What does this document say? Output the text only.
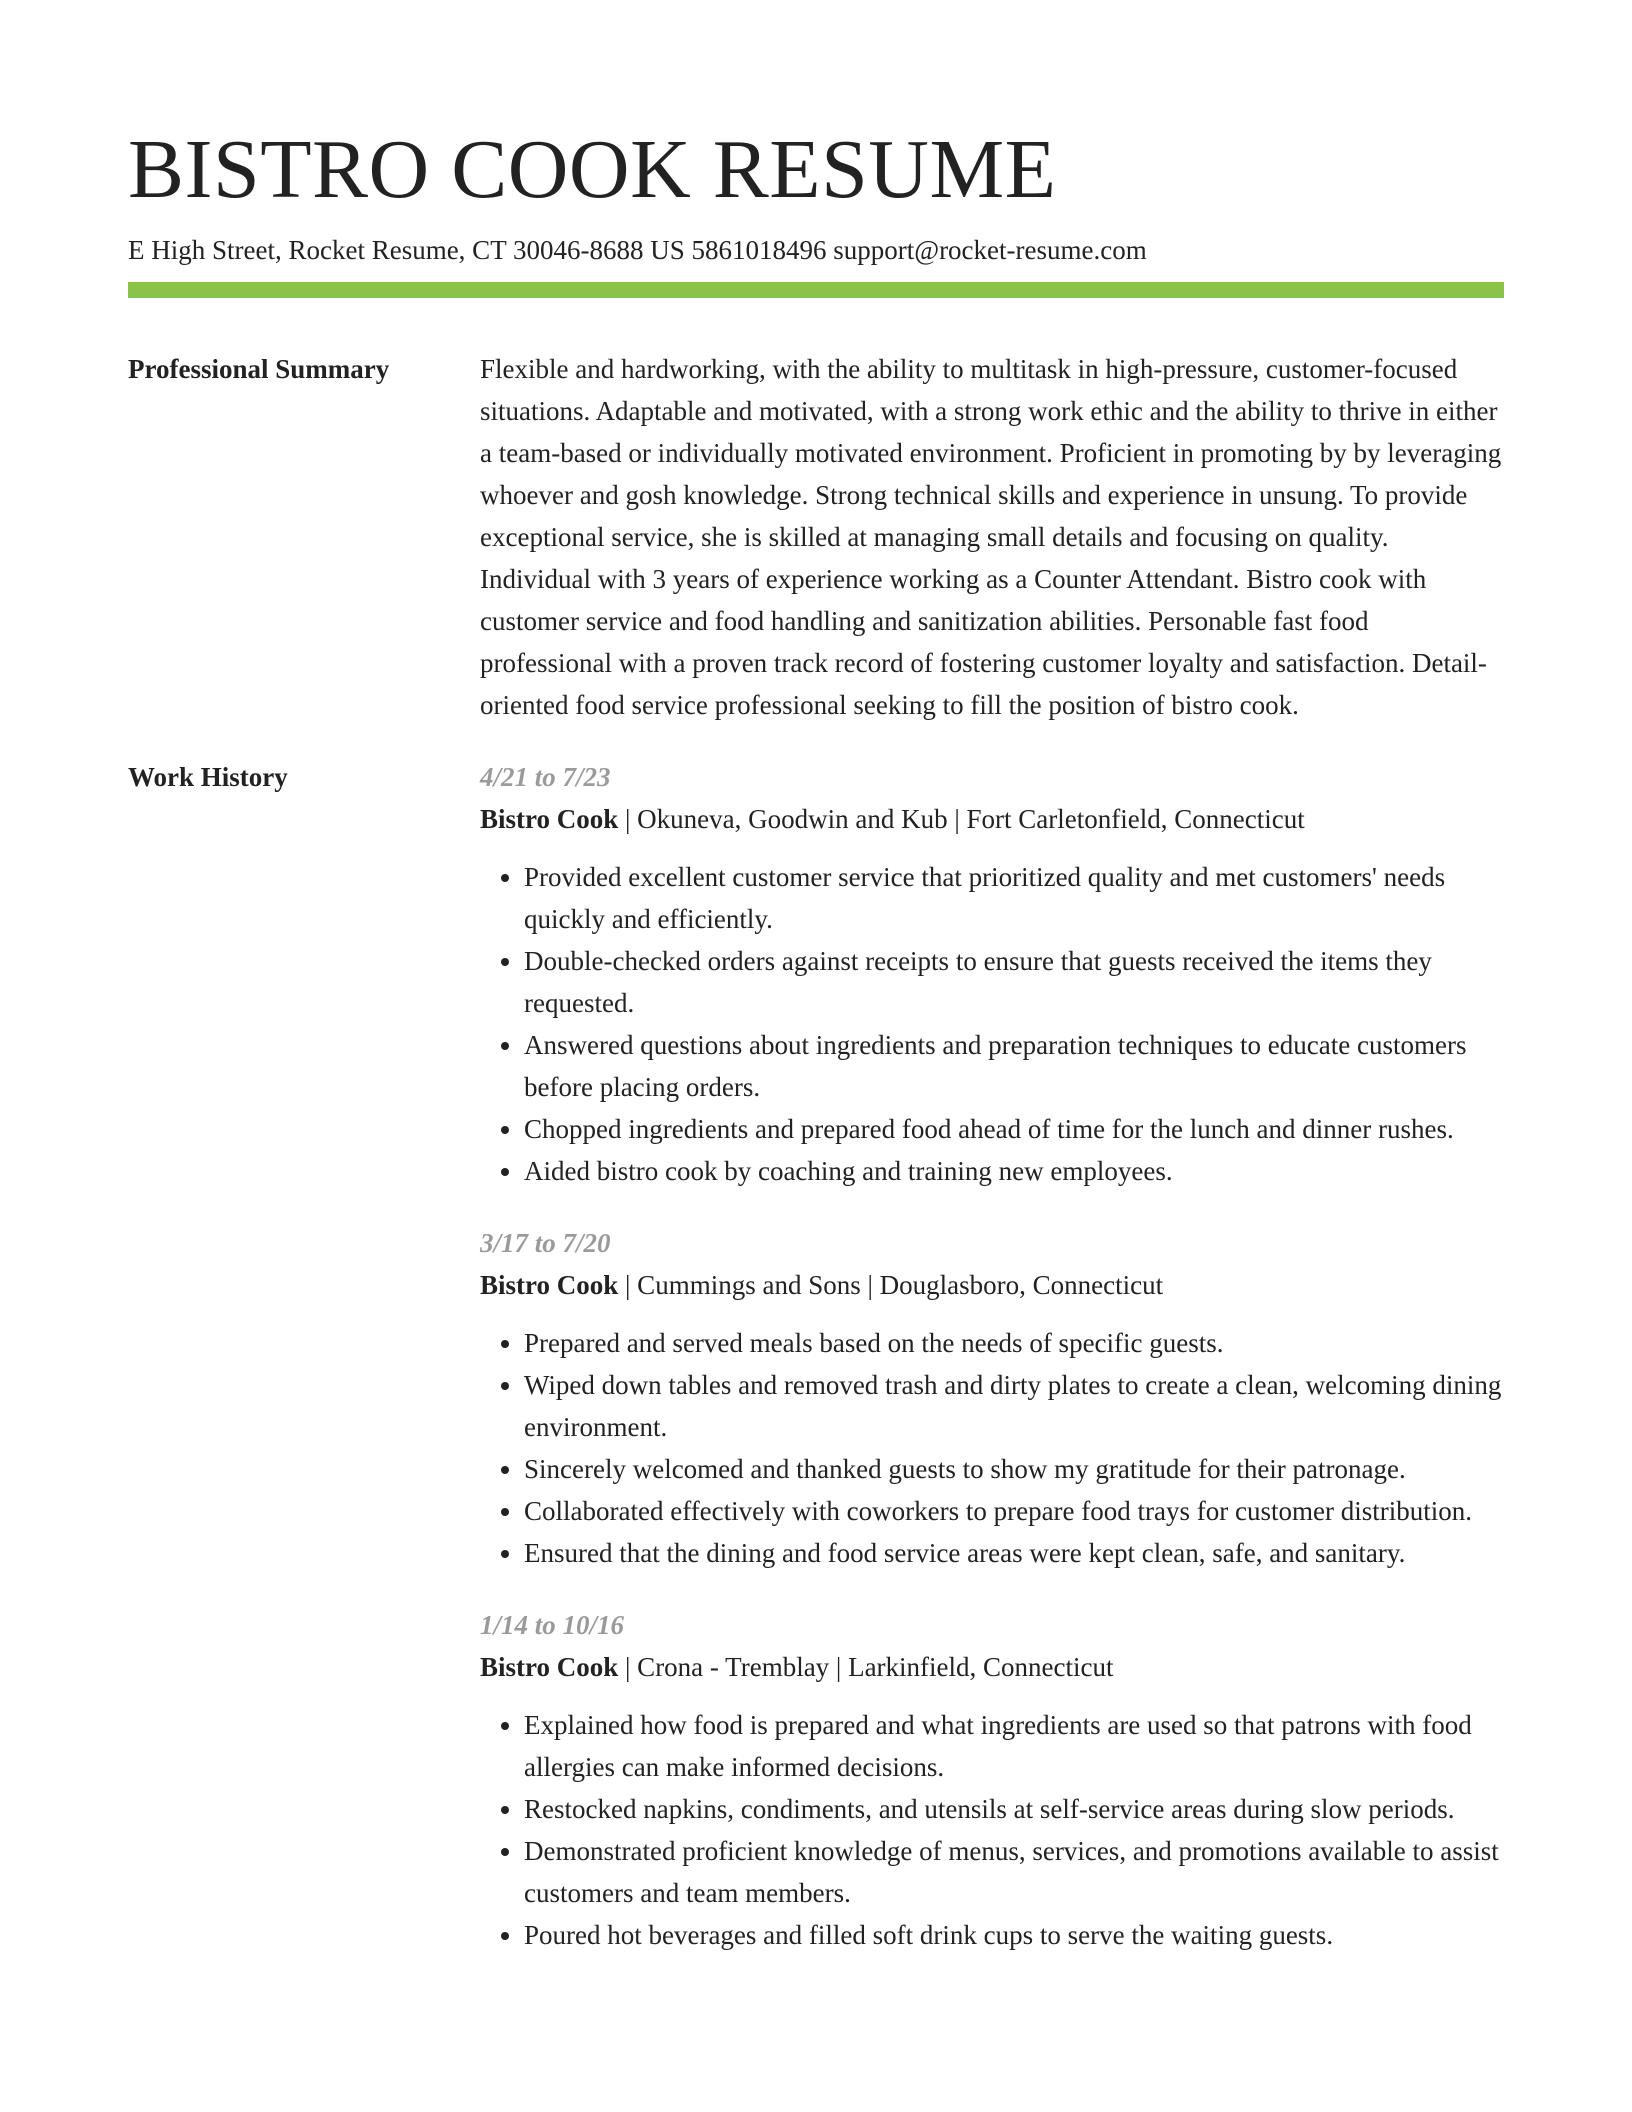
BISTRO COOK RESUME
E High Street, Rocket Resume, CT 30046-8688 US 5861018496 support@rocket-resume.com
Professional Summary	Flexible and hardworking, with the ability to multitask in high-pressure, customer-focused situations. Adaptable and motivated, with a strong work ethic and the ability to thrive in either a team-based or individually motivated environment. Proficient in promoting by by leveraging whoever and gosh knowledge. Strong technical skills and experience in unsung. To provide exceptional service, she is skilled at managing small details and focusing on quality. Individual with 3 years of experience working as a Counter Attendant. Bistro cook with customer service and food handling and sanitization abilities. Personable fast food professional with a proven track record of fostering customer loyalty and satisfaction. Detail-oriented food service professional seeking to fill the position of bistro cook.

Work History	4/21 to 7/23
Bistro Cook | Okuneva, Goodwin and Kub | Fort Carletonfield, Connecticut
• Provided excellent customer service that prioritized quality and met customers' needs quickly and efficiently.
• Double-checked orders against receipts to ensure that guests received the items they requested.
• Answered questions about ingredients and preparation techniques to educate customers before placing orders.
• Chopped ingredients and prepared food ahead of time for the lunch and dinner rushes.
• Aided bistro cook by coaching and training new employees.
3/17 to 7/20
Bistro Cook | Cummings and Sons | Douglasboro, Connecticut
• Prepared and served meals based on the needs of specific guests.
• Wiped down tables and removed trash and dirty plates to create a clean, welcoming dining environment.
• Sincerely welcomed and thanked guests to show my gratitude for their patronage.
• Collaborated effectively with coworkers to prepare food trays for customer distribution.
• Ensured that the dining and food service areas were kept clean, safe, and sanitary.
1/14 to 10/16
Bistro Cook | Crona - Tremblay | Larkinfield, Connecticut
• Explained how food is prepared and what ingredients are used so that patrons with food allergies can make informed decisions.
• Restocked napkins, condiments, and utensils at self-service areas during slow periods.
• Demonstrated proficient knowledge of menus, services, and promotions available to assist customers and team members.
• Poured hot beverages and filled soft drink cups to serve the waiting guests.
